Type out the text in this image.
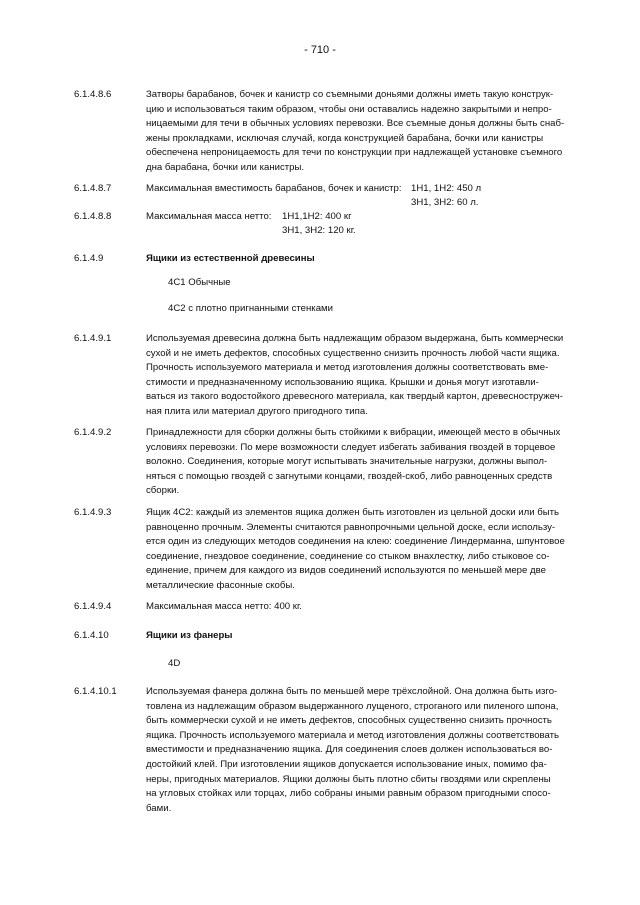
- 710 -
6.1.4.8.6	Затворы барабанов, бочек и канистр со съемными доньями должны иметь такую конструк-

цию и использоваться таким образом, чтобы они оставались надежно закрытыми и непро-

ницаемыми для течи в обычных условиях перевозки. Все съемные донья должны быть снаб-

жены прокладками, исключая случай, когда конструкцией барабана, бочки или канистры

обеспечена непроницаемость для течи по конструкции при надлежащей установке съемного

дна барабана, бочки или канистры.

6.1.4.8.7	Максимальная вместимость барабанов, бочек и канистр: 1H1, 1H2: 450 л
3H1, 3H2: 60 л.
6.1.4.8.8	Максимальная масса нетто: 1H1,1H2: 400 кг
3H1, 3H2: 120 кг.
6.1.4.9	Ящики из естественной древесины
4C1 Обычные
4C2 с плотно пригнанными стенками
6.1.4.9.1	Используемая древесина должна быть надлежащим образом выдержана, быть коммерчески

сухой и не иметь дефектов, способных существенно снизить прочность любой части ящика.

Прочность используемого материала и метод изготовления должны соответствовать вме-

стимости и предназначенному использованию ящика. Крышки и донья могут изготавли-

ваться из такого водостойкого древесного материала, как твердый картон, древесностружеч-

ная плита или материал другого пригодного типа.

6.1.4.9.2	Принадлежности для сборки должны быть стойкими к вибрации, имеющей место в обычных

условиях перевозки. По мере возможности следует избегать забивания гвоздей в торцевое

волокно. Соединения, которые могут испытывать значительные нагрузки, должны выпол-

няться с помощью гвоздей с загнутыми концами, гвоздей-скоб, либо равноценных средств

сборки.

6.1.4.9.3	Ящик 4C2: каждый из элементов ящика должен быть изготовлен из цельной доски или быть

равноценно прочным. Элементы считаются равнопрочными цельной доске, если использу-

ется один из следующих методов соединения на клею: соединение Линдерманна, шпунтовое

соединение, гнездовое соединение, соединение со стыком внахлестку, либо стыковое со-

единение, причем для каждого из видов соединений используются по меньшей мере две

металлические фасонные скобы.

6.1.4.9.4	Максимальная масса нетто: 400 кг.
6.1.4.10	Ящики из фанеры
4D
6.1.4.10.1	Используемая фанера должна быть по меньшей мере трёхслойной. Она должна быть изго-

товлена из надлежащим образом выдержанного лущеного, строганого или пиленого шпона,

быть коммерчески сухой и не иметь дефектов, способных существенно снизить прочность

ящика. Прочность используемого материала и метод изготовления должны соответствовать

вместимости и предназначению ящика. Для соединения слоев должен использоваться во-

достойкий клей. При изготовлении ящиков допускается использование иных, помимо фа-

неры, пригодных материалов. Ящики должны быть плотно сбиты гвоздями или скреплены

на угловых стойках или торцах, либо собраны иными равным образом пригодными спосо-

бами.
